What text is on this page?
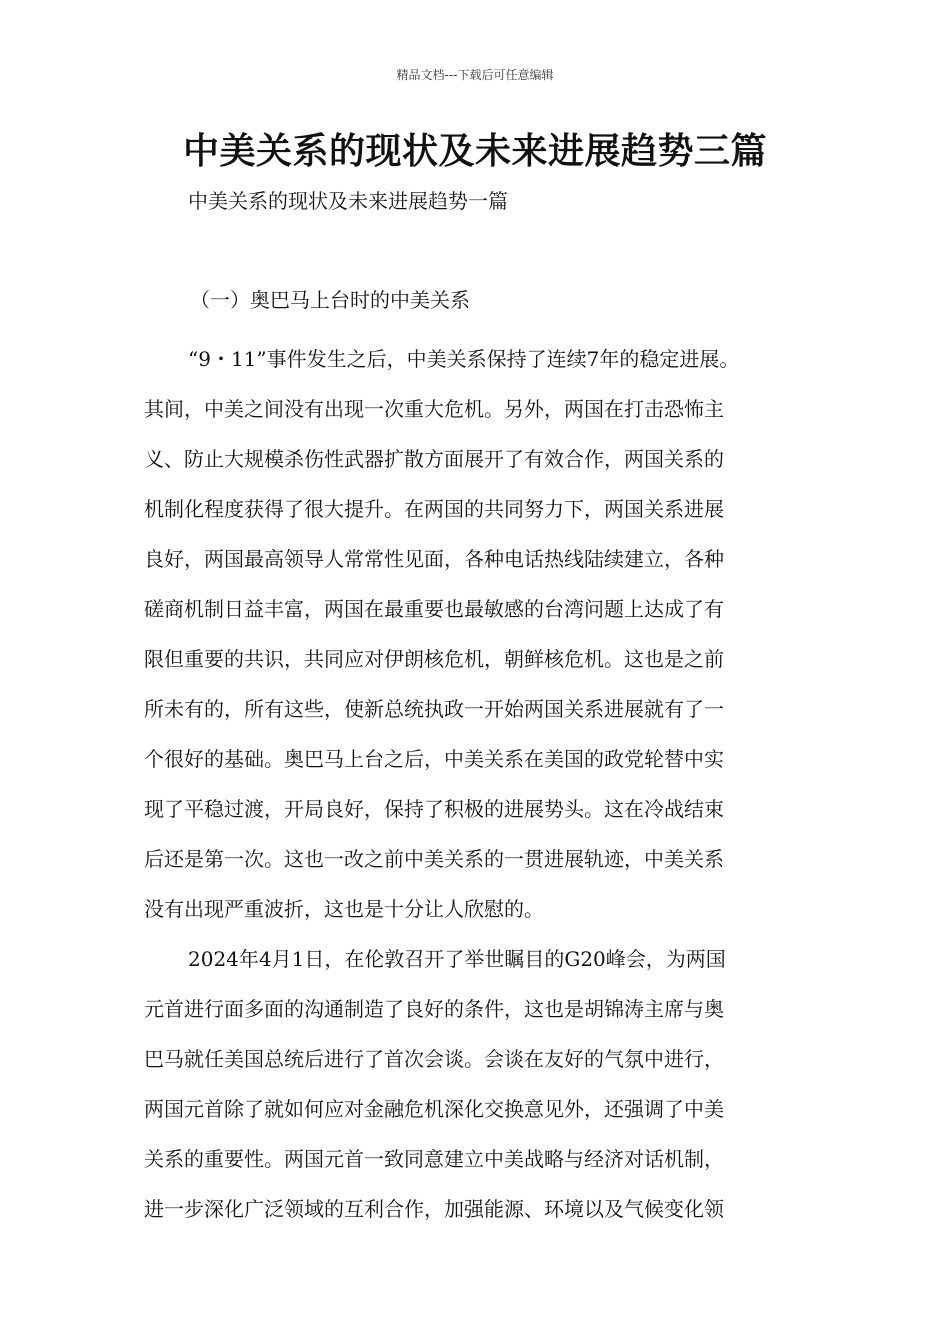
精品文档---下载后可任意编辑
中美关系的现状及未来进展趋势三篇
中美关系的现状及未来进展趋势一篇
（一）奥巴马上台时的中美关系

“9・11”事件发生之后，中美关系保持了连续7年的稳定进展。
其间，中美之间没有出现一次重大危机。另外，两国在打击恐怖主
义、防止大规模杀伤性武器扩散方面展开了有效合作，两国关系的
机制化程度获得了很大提升。在两国的共同努力下，两国关系进展
良好，两国最高领导人常常性见面，各种电话热线陆续建立，各种
磋商机制日益丰富，两国在最重要也最敏感的台湾问题上达成了有
限但重要的共识，共同应对伊朗核危机，朝鲜核危机。这也是之前
所未有的，所有这些，使新总统执政一开始两国关系进展就有了一
个很好的基础。奥巴马上台之后，中美关系在美国的政党轮替中实
现了平稳过渡，开局良好，保持了积极的进展势头。这在冷战结束
后还是第一次。这也一改之前中美关系的一贯进展轨迹，中美关系
没有出现严重波折，这也是十分让人欣慰的。

2024年4月1日，在伦敦召开了举世瞩目的G20峰会，为两国
元首进行面多面的沟通制造了良好的条件，这也是胡锦涛主席与奥
巴马就任美国总统后进行了首次会谈。会谈在友好的气氛中进行，
两国元首除了就如何应对金融危机深化交换意见外，还强调了中美
关系的重要性。两国元首一致同意建立中美战略与经济对话机制，
进一步深化广泛领域的互利合作，加强能源、环境以及气候变化领
